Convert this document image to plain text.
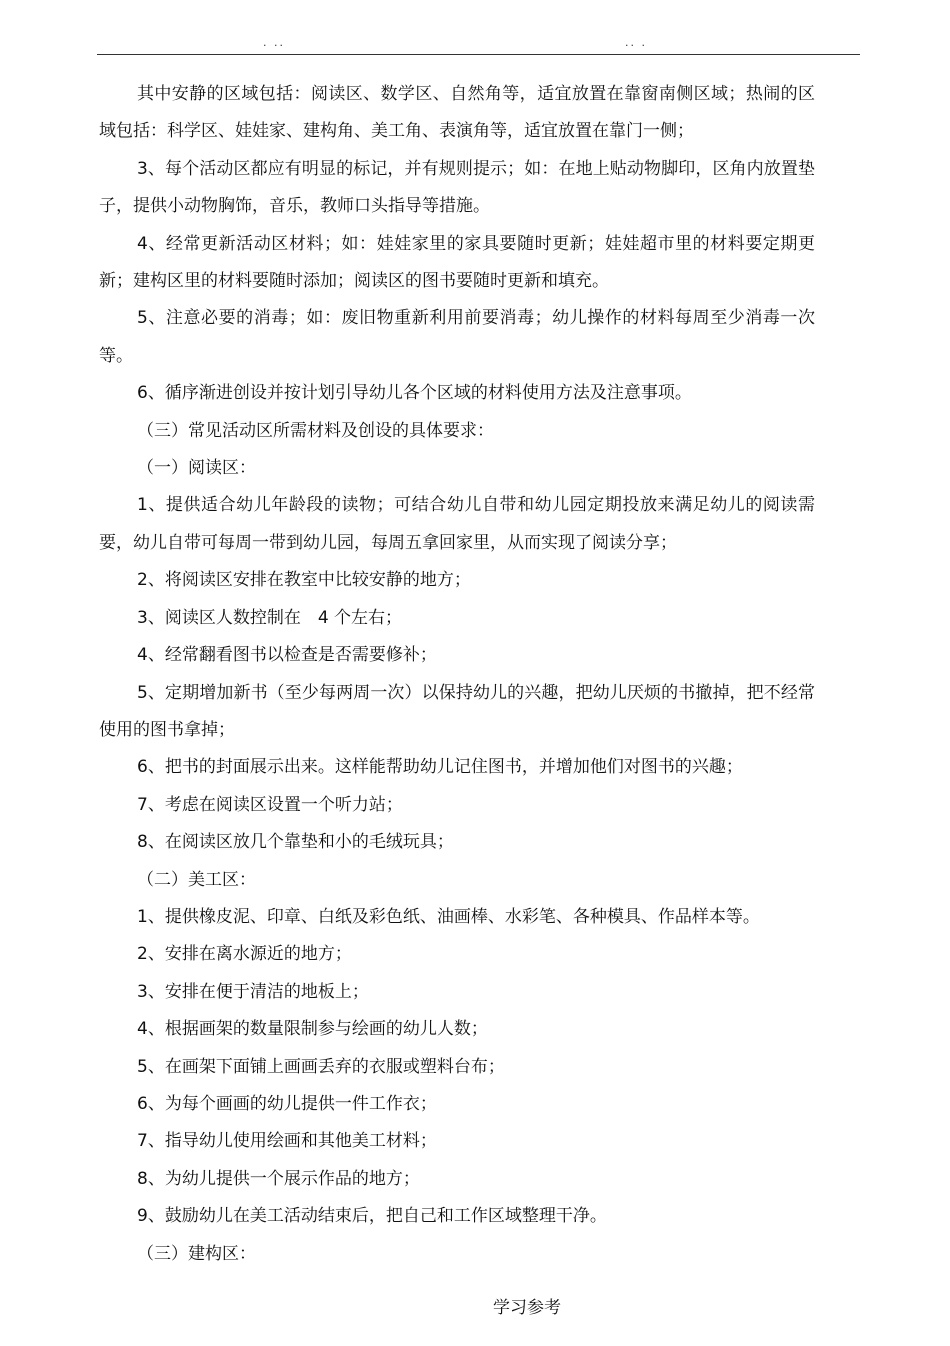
. ..	.. .

其中安静的区域包括：阅读区、数学区、自然角等，适宜放置在靠窗南侧区域；热闹的区域包括：科学区、娃娃家、建构角、美工角、表演角等，适宜放置在靠门一侧；

3、每个活动区都应有明显的标记，并有规则提示；如：在地上贴动物脚印，区角内放置垫子，提供小动物胸饰，音乐，教师口头指导等措施。

4、经常更新活动区材料；如：娃娃家里的家具要随时更新；娃娃超市里的材料要定期更新；建构区里的材料要随时添加；阅读区的图书要随时更新和填充。

5、注意必要的消毒；如：废旧物重新利用前要消毒；幼儿操作的材料每周至少消毒一次等。

6、循序渐进创设并按计划引导幼儿各个区域的材料使用方法及注意事项。

（三）常见活动区所需材料及创设的具体要求：

（一）阅读区：

1、提供适合幼儿年龄段的读物；可结合幼儿自带和幼儿园定期投放来满足幼儿的阅读需要，幼儿自带可每周一带到幼儿园，每周五拿回家里，从而实现了阅读分享；

2、将阅读区安排在教室中比较安静的地方；

3、阅读区人数控制在　4 个左右；

4、经常翻看图书以检查是否需要修补；

5、定期增加新书（至少每两周一次）以保持幼儿的兴趣，把幼儿厌烦的书撤掉，把不经常使用的图书拿掉；

6、把书的封面展示出来。这样能帮助幼儿记住图书，并增加他们对图书的兴趣；

7、考虑在阅读区设置一个听力站；

8、在阅读区放几个靠垫和小的毛绒玩具；

（二）美工区：

1、提供橡皮泥、印章、白纸及彩色纸、油画棒、水彩笔、各种模具、作品样本等。

2、安排在离水源近的地方；

3、安排在便于清洁的地板上；

4、根据画架的数量限制参与绘画的幼儿人数；

5、在画架下面铺上画画丢弃的衣服或塑料台布；

6、为每个画画的幼儿提供一件工作衣；

7、指导幼儿使用绘画和其他美工材料；

8、为幼儿提供一个展示作品的地方；

9、鼓励幼儿在美工活动结束后，把自己和工作区域整理干净。

（三）建构区：

学习参考
